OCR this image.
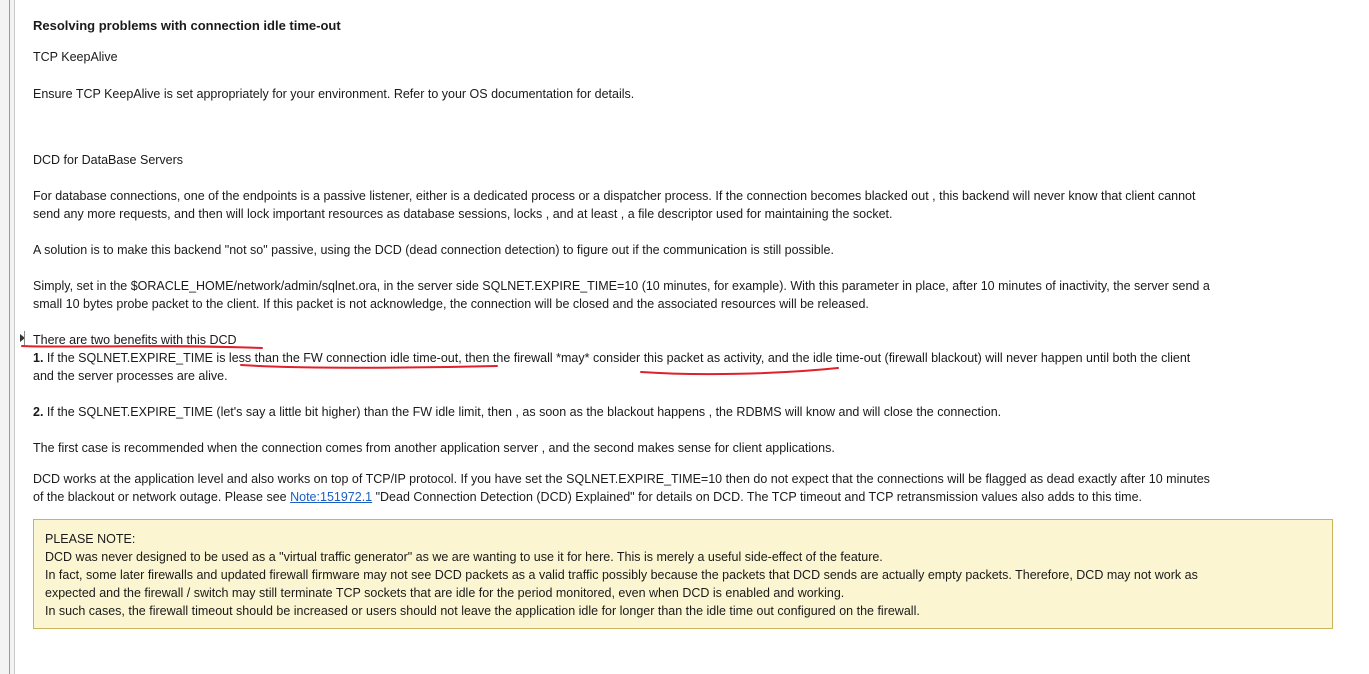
Resolving problems with connection idle time-out
TCP KeepAlive
Ensure TCP KeepAlive is set appropriately for your environment. Refer to your OS documentation for details.
DCD for DataBase Servers
For database connections, one of the endpoints is a passive listener, either is a dedicated process or a dispatcher process. If the connection becomes blacked out , this backend will never know that client cannot
send any more requests, and then will lock important resources as database sessions, locks , and at least , a file descriptor used for maintaining the socket.
A solution is to make this backend "not so" passive, using the DCD (dead connection detection) to figure out if the communication is still possible.
Simply, set in the $ORACLE_HOME/network/admin/sqlnet.ora, in the server side SQLNET.EXPIRE_TIME=10 (10 minutes, for example). With this parameter in place, after 10 minutes of inactivity, the server send a
small 10 bytes probe packet to the client. If this packet is not acknowledge, the connection will be closed and the associated resources will be released.
There are two benefits with this DCD
1. If the SQLNET.EXPIRE_TIME is less than the FW connection idle time-out, then the firewall *may* consider this packet as activity, and the idle time-out (firewall blackout) will never happen until both the client
and the server processes are alive.
2. If the SQLNET.EXPIRE_TIME (let's say a little bit higher) than the FW idle limit, then , as soon as the blackout happens , the RDBMS will know and will close the connection.
The first case is recommended when the connection comes from another application server , and the second makes sense for client applications.
DCD works at the application level and also works on top of TCP/IP protocol. If you have set the SQLNET.EXPIRE_TIME=10 then do not expect that the connections will be flagged as dead exactly after 10 minutes
of the blackout or network outage. Please see Note:151972.1 "Dead Connection Detection (DCD) Explained" for details on DCD. The TCP timeout and TCP retransmission values also adds to this time.
PLEASE NOTE:
DCD was never designed to be used as a "virtual traffic generator" as we are wanting to use it for here. This is merely a useful side-effect of the feature.
In fact, some later firewalls and updated firewall firmware may not see DCD packets as a valid traffic possibly because the packets that DCD sends are actually empty packets. Therefore, DCD may not work as
expected and the firewall / switch may still terminate TCP sockets that are idle for the period monitored, even when DCD is enabled and working.
In such cases, the firewall timeout should be increased or users should not leave the application idle for longer than the idle time out configured on the firewall.
